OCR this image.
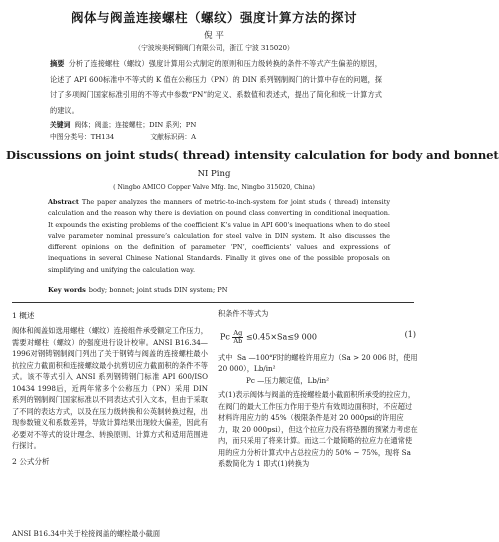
阀体与阀盖连接螺柱（螺纹）强度计算方法的探讨
倪 平
（宁波埃美柯铜阀门有限公司，浙江 宁波 315020）
摘要 分析了连接螺柱（螺纹）强度计算用公式制定的原则和压力级转换的条件不等式产生偏差的原因，论述了 API 600标准中不等式的 K 值在公称压力（PN）的 DIN 系列钢制阀门的计算中存在的问题，探讨了多项阀门国家标准引用的不等式中参数“PN”的定义、系数值和表述式，提出了简化和统一计算方式的建议。
关键词 阀体；阀盖；连接螺柱；DIN 系列；PN
中图分类号：TH134	文献标识码：A
Discussions on joint studs( thread) intensity calculation for body and bonnet
NI Ping
( Ningbo AMICO Copper Valve Mfg. Inc, Ningbo 315020, China)
Abstract The paper analyzes the manners of metric-to-inch-system for joint studs ( thread) intensity calculation and the reason why there is deviation on pound class converting in conditional inequation. It expounds the existing problems of the coefficient K’s value in API 600’s inequations when to do steel valve parameter nominal pressure’s calculation for steel valve in DIN system. It also discusses the different opinions on the definition of parameter ‘PN’, coefficients’ values and expressions of inequations in several Chinese National Standards. Finally it gives one of the possible proposals on simplifying and unifying the calculation way.
Key words body; bonnet; joint studs DIN system; PN
1 概述

阀体和阀盖如选用螺柱（螺纹）连接组件承受额定工作压力，需要对螺柱（螺纹）的强度进行设计校审。ANSI B16.34—1996对钢铸钢制阀门列出了关于钢铸与阀盖的连接螺柱最小抗拉应力截面积和连接螺纹最小抗剪切应力截面积的条件不等式。该不等式引入 ANSI 系列钢铸钢门标准 API 600/ISO 10434 1998后，近两年常多个公称压力（PN）采用 DIN 系列的钢制阀门国家标准以不同表达式引入文本，但由于采取了不同的表达方式，以及在压力级转换和公英制转换过程，出现参数镜义和系数差异，导致计算结果出现较大偏差，因此有必要对不等式的设计理念、转换原则、计算方式和适用范围进行探讨。

2 公式分析
ANSI B16.34中关于栓接阀盖的螺栓最小截面

积条件不等式为

Pc $\frac{Ag}{Ab} \le 0.45\times Sa\le 9$ 000	(1)

式中 Sa —100℉时的螺栓许用应力（Sa > 20 006 时，使用 20 000），Lb/in²

Pc —压力额定值，Lb/in²

式(1)表示阀体与阀盖的连接螺栓最小截面积所承受的拉应力，在阀门的最大工作压力作用于垫片有效周边面积时，不应超过材料许用应力的 45%（极限条件是对 20 000psi的许用应力，取 20 000psi），但这个拉应力没有将垫圈的预紧力考虑在内，而只采用了将来计算。而这二个最简略的拉应力在通常使用的应力分析计算式中占总拉应力的 50% ~ 75%，现将 Sa 系数简化为 1 即式(1)转换为
